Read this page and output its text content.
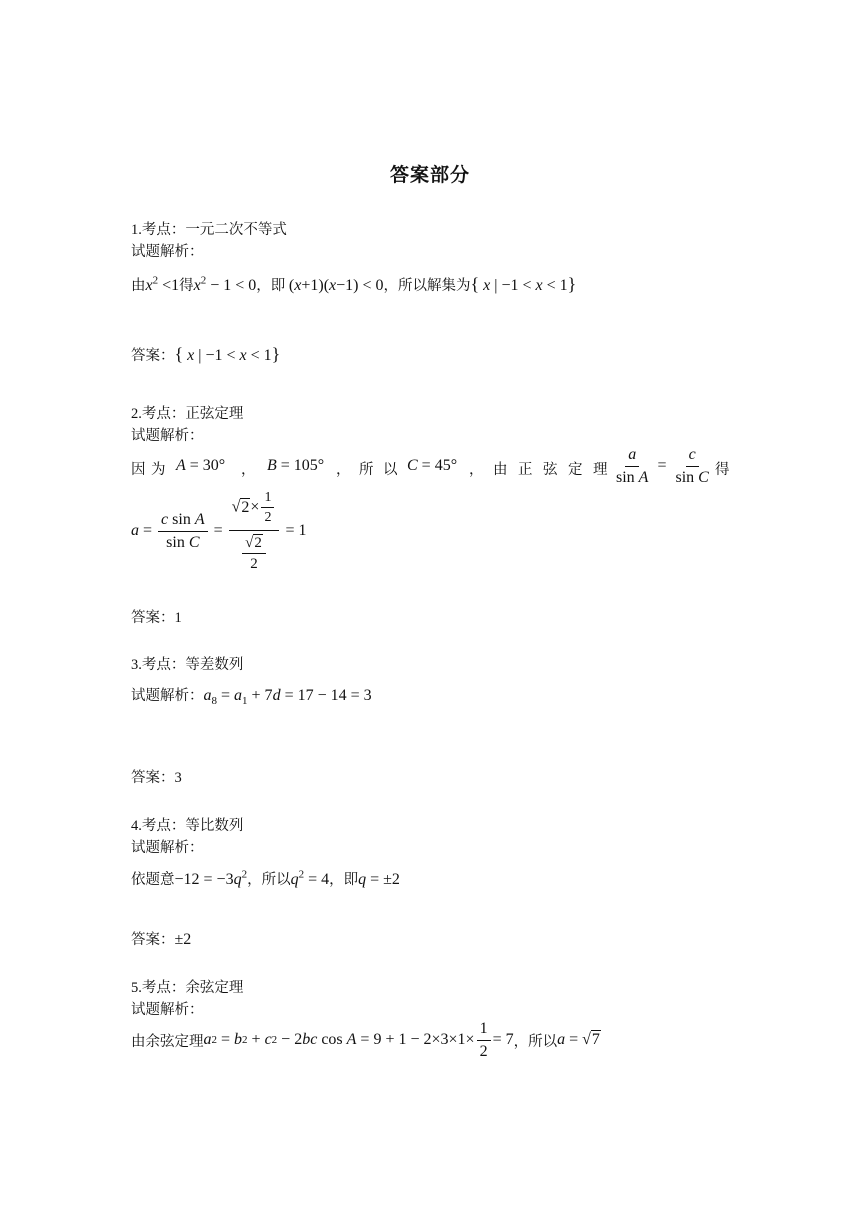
答案部分
1.考点：一元二次不等式
试题解析：
由$x^2 <1$得$x^2 - 1 < 0$，即 (x+1)(x−1) < 0，所以解集为{ x | −1 < x < 1}
答案：{ x | −1 < x < 1}
2.考点：正弦定理
试题解析：
因 为 A = 30° ， B = 105° ， 所 以 C = 45° ， 由 正 弦 定 理 $\frac{a}{\text{sin A}} = \frac{c}{\text{sin C}}$ 得
$a = \frac{\text{c sin A}}{\text{sin C}} = \frac{√2\times \frac{1}{2}}{\frac{√2}{2}} = 1$
答案：1
3.考点：等差数列
试题解析：$a_8 = a_1 + 7d = 17 - 14 = 3$
答案：3
4.考点：等比数列
试题解析：
依题意$-12 = -3q^2$，所以$q^2 = 4$，即q = ±2
答案：±2
5.考点：余弦定理
试题解析：
由余弦定理 a 2 = b 2 + c 2 − 2 bc $\cos A = 9 + 1 - 2\times 3\times 1\times \frac{1}{2} = 7$ ，所以 a = √7
